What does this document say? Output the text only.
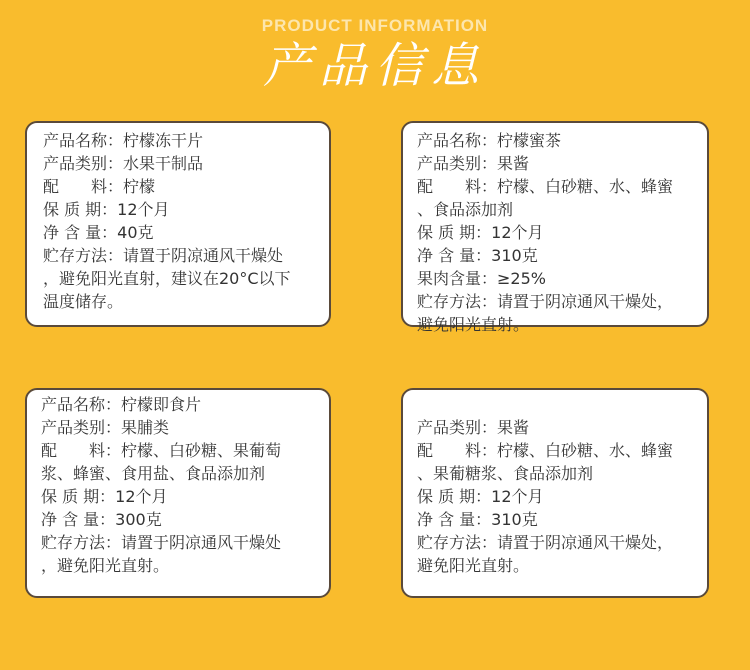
PRODUCT INFORMATION
产品信息
产品名称：柠檬冻干片
产品类别：水果干制品
配　　料：柠檬
保 质 期：12个月
净 含 量：40克
贮存方法：请置于阴凉通风干燥处
，避免阳光直射，建议在20°C以下
温度储存。
产品名称：柠檬蜜茶
产品类别：果酱
配　　料：柠檬、白砂糖、水、蜂蜜
、食品添加剂
保 质 期：12个月
净 含 量：310克
果肉含量：≥25%
贮存方法：请置于阴凉通风干燥处，
避免阳光直射。
产品名称：柠檬即食片
产品类别：果脯类
配　　料：柠檬、白砂糖、果葡萄
浆、蜂蜜、食用盐、食品添加剂
保 质 期：12个月
净 含 量：300克
贮存方法：请置于阴凉通风干燥处
，避免阳光直射。
产品类别：果酱
配　　料：柠檬、白砂糖、水、蜂蜜
、果葡糖浆、食品添加剂
保 质 期：12个月
净 含 量：310克
贮存方法：请置于阴凉通风干燥处，
避免阳光直射。
